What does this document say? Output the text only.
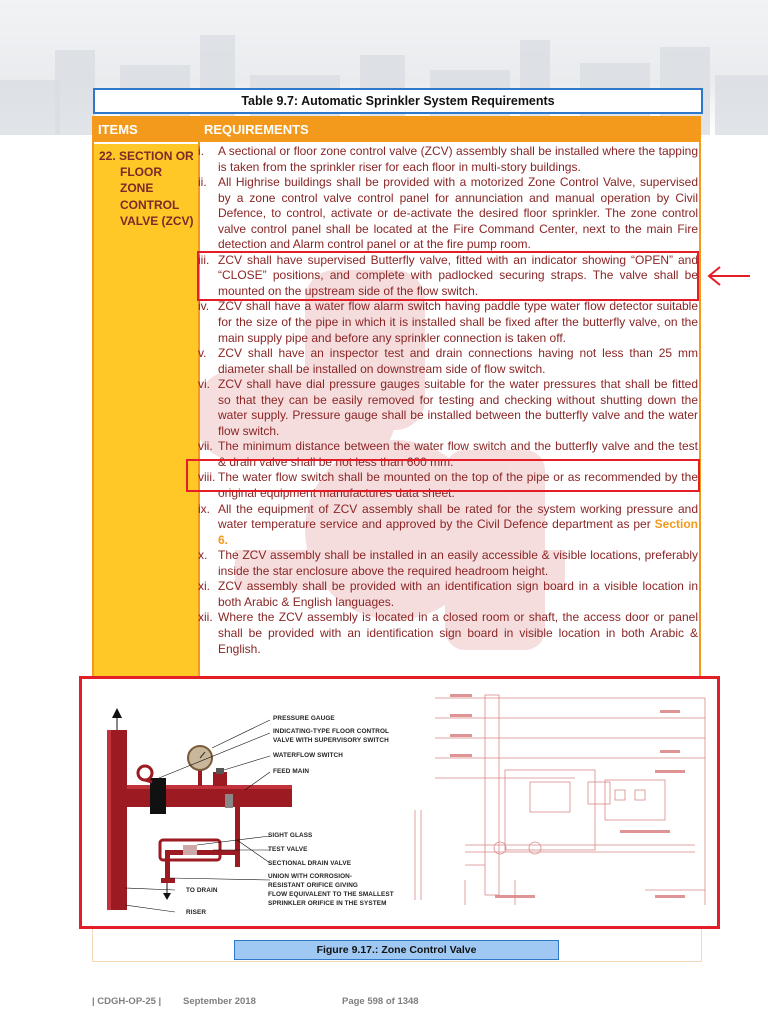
Table 9.7: Automatic Sprinkler System Requirements
ITEMS	REQUIREMENTS
22. SECTION OR
FLOOR
ZONE
CONTROL
VALVE (ZCV)
i.	A sectional or floor zone control valve (ZCV) assembly shall be installed where the tapping is taken from the sprinkler riser for each floor in multi-story buildings.
ii. All Highrise buildings shall be provided with a motorized Zone Control Valve, supervised by a zone control valve control panel for annunciation and manual operation by Civil Defence, to control, activate or de-activate the desired floor sprinkler. The zone control valve control panel shall be located at the Fire Command Center, next to the main Fire detection and Alarm control panel or at the fire pump room.
iii. ZCV shall have supervised Butterfly valve, fitted with an indicator showing “OPEN” and “CLOSE” positions, and complete with padlocked securing straps. The valve shall be mounted on the upstream side of the flow switch.
iv. ZCV shall have a water flow alarm switch having paddle type water flow detector suitable for the size of the pipe in which it is installed shall be fixed after the butterfly valve, on the main supply pipe and before any sprinkler connection is taken off.
v. ZCV shall have an inspector test and drain connections having not less than 25 mm diameter shall be installed on downstream side of flow switch.
vi. ZCV shall have dial pressure gauges suitable for the water pressures that shall be fitted so that they can be easily removed for testing and checking without shutting down the water supply. Pressure gauge shall be installed between the butterfly valve and the water flow switch.
vii. The minimum distance between the water flow switch and the butterfly valve and the test & drain valve shall be not less than 600 mm.
viii. The water flow switch shall be mounted on the top of the pipe or as recommended by the original equipment manufactures data sheet.
ix. All the equipment of ZCV assembly shall be rated for the system working pressure and water temperature service and approved by the Civil Defence department as per Section 6.
x. The ZCV assembly shall be installed in an easily accessible & visible locations, preferably inside the star enclosure above the required headroom height.
xi. ZCV assembly shall be provided with an identification sign board in a visible location in both Arabic & English languages.
xii. Where the ZCV assembly is located in a closed room or shaft, the access door or panel shall be provided with an identification sign board in visible location in both Arabic & English.
PRESSURE GAUGE
INDICATING-TYPE FLOOR CONTROL
VALVE WITH SUPERVISORY SWITCH
WATERFLOW SWITCH
FEED MAIN
SIGHT GLASS
TEST VALVE
SECTIONAL DRAIN VALVE
UNION WITH CORROSION-
RESISTANT ORIFICE GIVING
FLOW EQUIVALENT TO THE SMALLEST
SPRINKLER ORIFICE IN THE SYSTEM
TO DRAIN
RISER
Figure 9.17.: Zone Control Valve
| CDGH-OP-25 | September 2018	Page 598 of 1348
